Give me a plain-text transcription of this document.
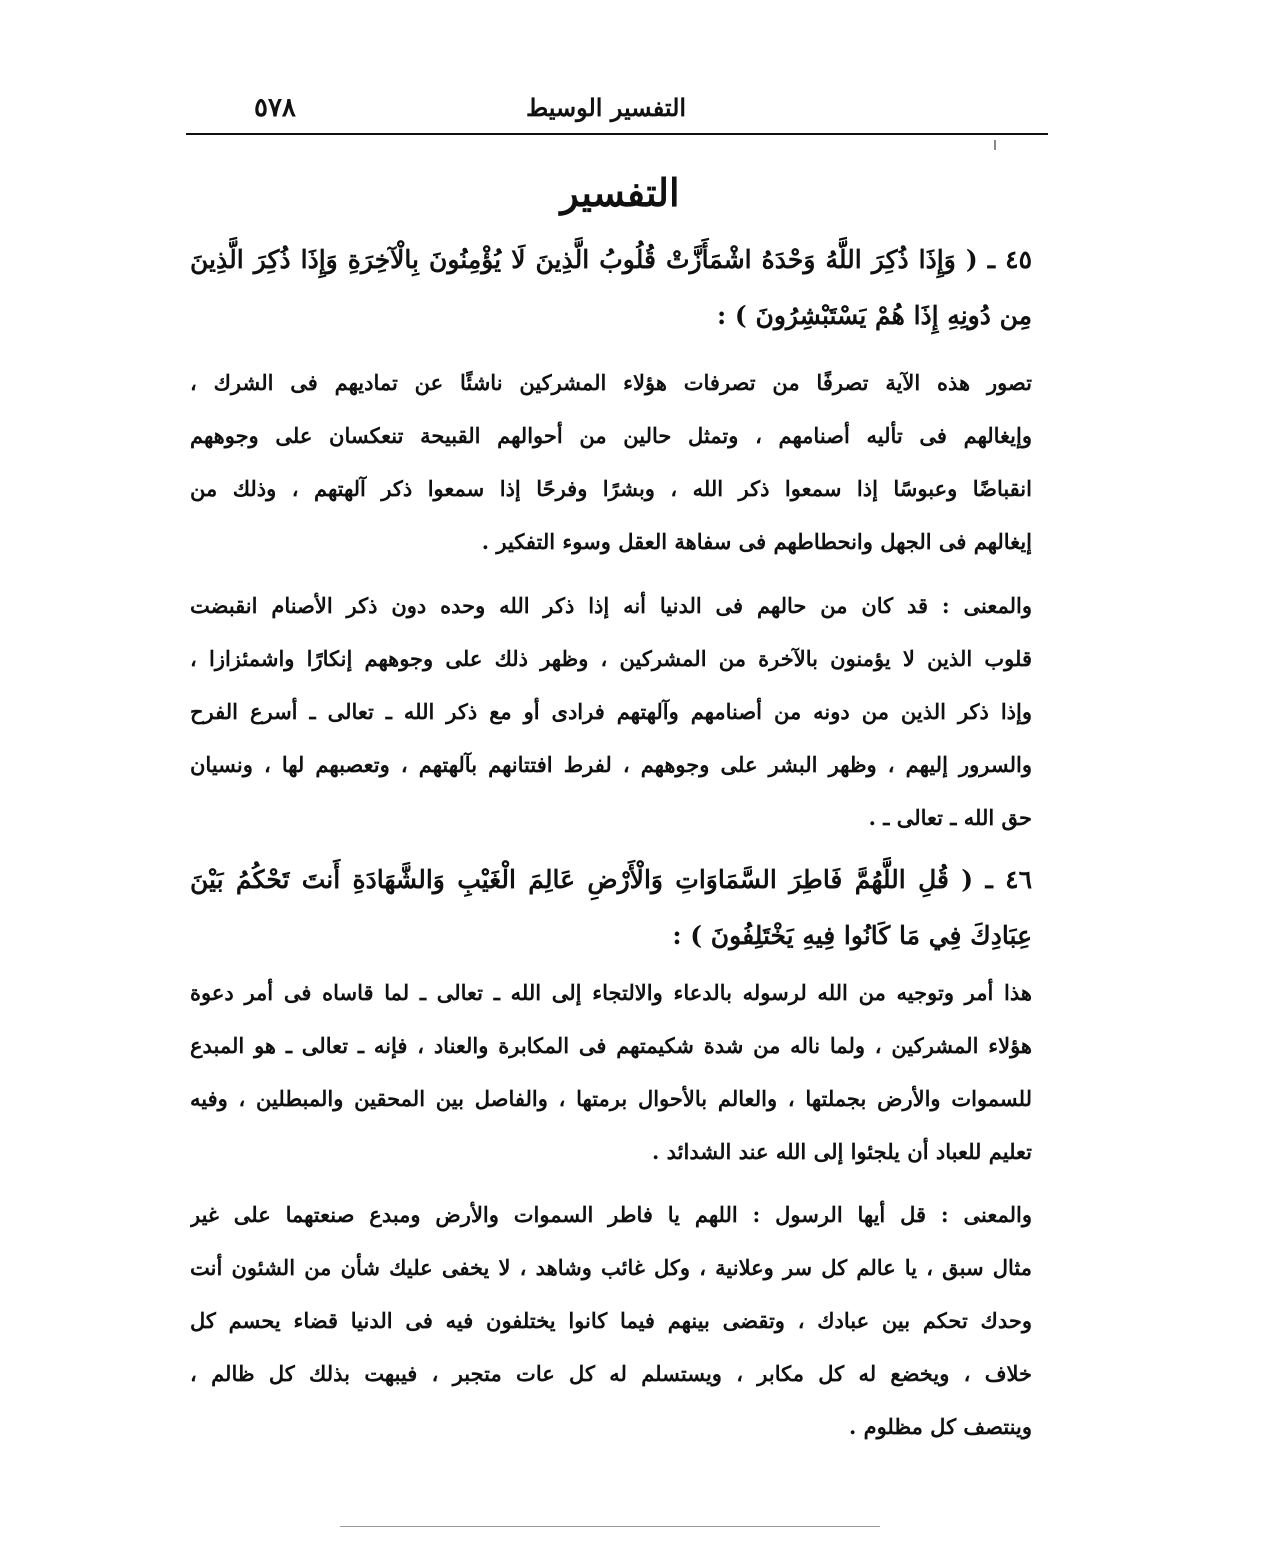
٥٧٨	التفسير الوسيط
التفسير
٤٥ ـ ( وَإِذَا ذُكِرَ اللَّهُ وَحْدَهُ اشْمَأَزَّتْ قُلُوبُ الَّذِينَ لَا يُؤْمِنُونَ بِالْآخِرَةِ وَإِذَا ذُكِرَ الَّذِينَ
مِن دُونِهِ إِذَا هُمْ يَسْتَبْشِرُونَ ) :
تصور هذه الآية تصرفًا من تصرفات هؤلاء المشركين ناشئًا عن تماديهم فى الشرك ،
وإيغالهم فى تأليه أصنامهم ، وتمثل حالين من أحوالهم القبيحة تنعكسان على وجوههم
انقباضًا وعبوسًا إذا سمعوا ذكر الله ، وبشرًا وفرحًا إذا سمعوا ذكر آلهتهم ، وذلك من
إيغالهم فى الجهل وانحطاطهم فى سفاهة العقل وسوء التفكير .
والمعنى : قد كان من حالهم فى الدنيا أنه إذا ذكر الله وحده دون ذكر الأصنام انقبضت
قلوب الذين لا يؤمنون بالآخرة من المشركين ، وظهر ذلك على وجوههم إنكارًا واشمئزازا ،
وإذا ذكر الذين من دونه من أصنامهم وآلهتهم فرادى أو مع ذكر الله ـ تعالى ـ أسرع الفرح
والسرور إليهم ، وظهر البشر على وجوههم ، لفرط افتتانهم بآلهتهم ، وتعصبهم لها ، ونسيان
حق الله ـ تعالى ـ .
٤٦ ـ ( قُلِ اللَّهُمَّ فَاطِرَ السَّمَاوَاتِ وَالْأَرْضِ عَالِمَ الْغَيْبِ وَالشَّهَادَةِ أَنتَ تَحْكُمُ بَيْنَ
عِبَادِكَ فِي مَا كَانُوا فِيهِ يَخْتَلِفُونَ ) :
هذا أمر وتوجيه من الله لرسوله بالدعاء والالتجاء إلى الله ـ تعالى ـ لما قاساه فى أمر دعوة
هؤلاء المشركين ، ولما ناله من شدة شكيمتهم فى المكابرة والعناد ، فإنه ـ تعالى ـ هو المبدع
للسموات والأرض بجملتها ، والعالم بالأحوال برمتها ، والفاصل بين المحقين والمبطلين ، وفيه
تعليم للعباد أن يلجئوا إلى الله عند الشدائد .
والمعنى : قل أيها الرسول : اللهم يا فاطر السموات والأرض ومبدع صنعتهما على غير
مثال سبق ، يا عالم كل سر وعلانية ، وكل غائب وشاهد ، لا يخفى عليك شأن من الشئون أنت
وحدك تحكم بين عبادك ، وتقضى بينهم فيما كانوا يختلفون فيه فى الدنيا قضاء يحسم كل
خلاف ، ويخضع له كل مكابر ، ويستسلم له كل عات متجبر ، فيبهت بذلك كل ظالم ،
وينتصف كل مظلوم .
